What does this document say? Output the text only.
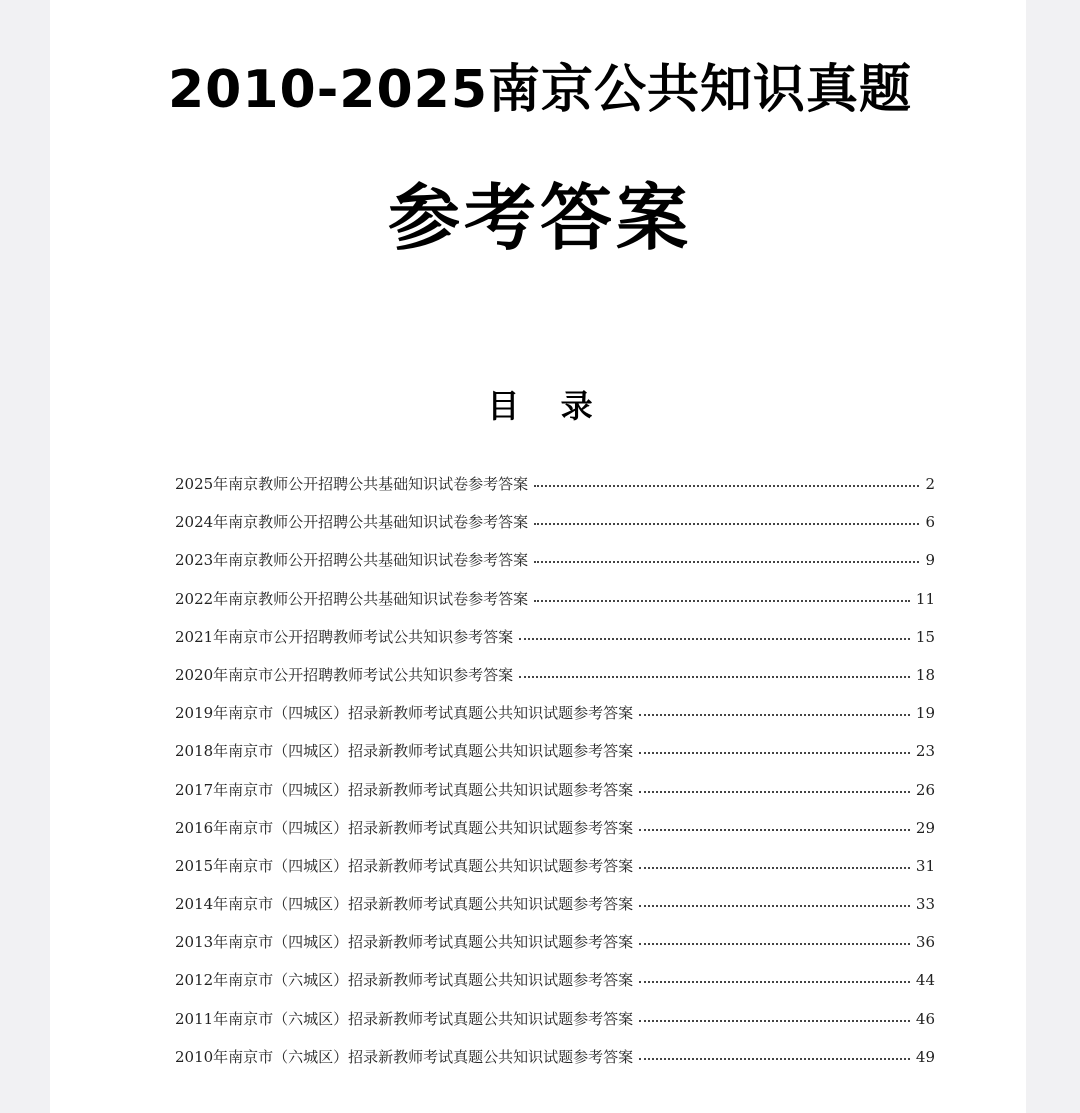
2010-2025南京公共知识真题
参考答案
目 录
2025年南京教师公开招聘公共基础知识试卷参考答案	2
2024年南京教师公开招聘公共基础知识试卷参考答案	6
2023年南京教师公开招聘公共基础知识试卷参考答案	9
2022年南京教师公开招聘公共基础知识试卷参考答案	11
2021年南京市公开招聘教师考试公共知识参考答案	15
2020年南京市公开招聘教师考试公共知识参考答案	18
2019年南京市（四城区）招录新教师考试真题公共知识试题参考答案	19
2018年南京市（四城区）招录新教师考试真题公共知识试题参考答案	23
2017年南京市（四城区）招录新教师考试真题公共知识试题参考答案	26
2016年南京市（四城区）招录新教师考试真题公共知识试题参考答案	29
2015年南京市（四城区）招录新教师考试真题公共知识试题参考答案	31
2014年南京市（四城区）招录新教师考试真题公共知识试题参考答案	33
2013年南京市（四城区）招录新教师考试真题公共知识试题参考答案	36
2012年南京市（六城区）招录新教师考试真题公共知识试题参考答案	44
2011年南京市（六城区）招录新教师考试真题公共知识试题参考答案	46
2010年南京市（六城区）招录新教师考试真题公共知识试题参考答案	49
